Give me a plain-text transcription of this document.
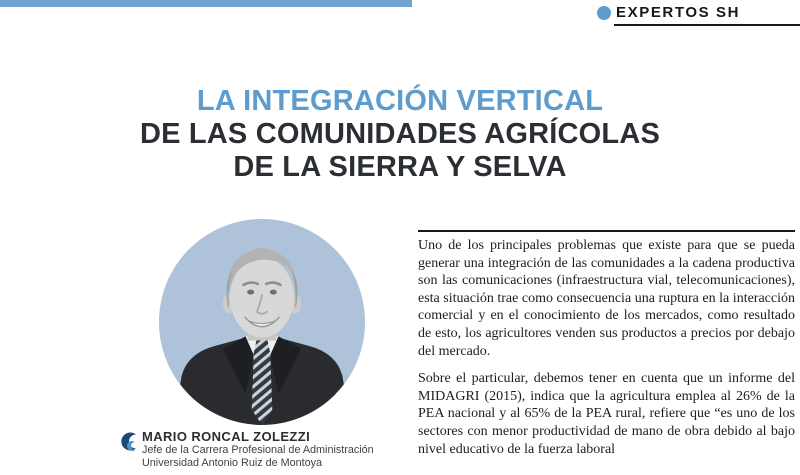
EXPERTOS SH
LA INTEGRACIÓN VERTICAL
DE LAS COMUNIDADES AGRÍCOLAS
DE LA SIERRA Y SELVA
MARIO RONCAL ZOLEZZI
Jefe de la Carrera Profesional de Administración
Universidad Antonio Ruiz de Montoya

Uno de los principales problemas que existe para que se pueda generar una integración de las comunidades a la cadena productiva son las comunicaciones (infraestructura vial, telecomunicaciones), esta situación trae como consecuencia una ruptura en la interacción comercial y en el conocimiento de los mercados, como resultado de esto, los agricultores venden sus productos a precios por debajo del mercado.

Sobre el particular, debemos tener en cuenta que un informe del MIDAGRI (2015), indica que la agricultura emplea al 26% de la PEA nacional y al 65% de la PEA rural, refiere que “es uno de los sectores con menor productividad de mano de obra debido al bajo nivel educativo de la fuerza laboral
